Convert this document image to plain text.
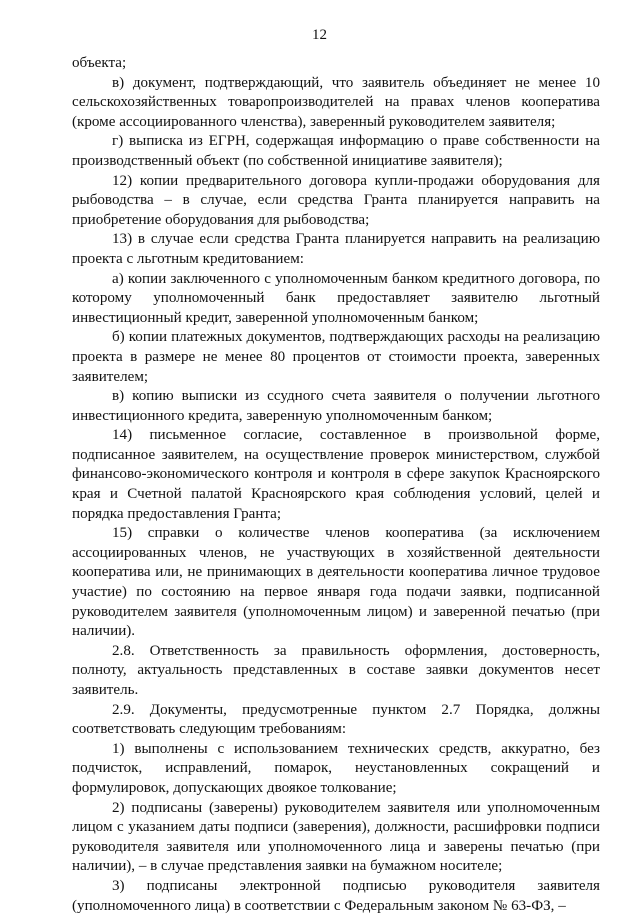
12

объекта;

в) документ, подтверждающий, что заявитель объединяет не менее 10 сельскохозяйственных товаропроизводителей на правах членов кооператива (кроме ассоциированного членства), заверенный руководителем заявителя;

г) выписка из ЕГРН, содержащая информацию о праве собственности на производственный объект (по собственной инициативе заявителя);

12) копии предварительного договора купли-продажи оборудования для рыбоводства – в случае, если средства Гранта планируется направить на приобретение оборудования для рыбоводства;

13) в случае если средства Гранта планируется направить на реализацию проекта с льготным кредитованием:

а) копии заключенного с уполномоченным банком кредитного договора, по которому уполномоченный банк предоставляет заявителю льготный инвестиционный кредит, заверенной уполномоченным банком;

б) копии платежных документов, подтверждающих расходы на реализацию проекта в размере не менее 80 процентов от стоимости проекта, заверенных заявителем;

в) копию выписки из ссудного счета заявителя о получении льготного инвестиционного кредита, заверенную уполномоченным банком;

14) письменное согласие, составленное в произвольной форме, подписанное заявителем, на осуществление проверок министерством, службой финансово-экономического контроля и контроля в сфере закупок Красноярского края и Счетной палатой Красноярского края соблюдения условий, целей и порядка предоставления Гранта;

15) справки о количестве членов кооператива (за исключением ассоциированных членов, не участвующих в хозяйственной деятельности кооператива или, не принимающих в деятельности кооператива личное трудовое участие) по состоянию на первое января года подачи заявки, подписанной руководителем заявителя (уполномоченным лицом) и заверенной печатью (при наличии).

2.8. Ответственность за правильность оформления, достоверность, полноту, актуальность представленных в составе заявки документов несет заявитель.

2.9. Документы, предусмотренные пунктом 2.7 Порядка, должны соответствовать следующим требованиям:

1) выполнены с использованием технических средств, аккуратно, без подчисток, исправлений, помарок, неустановленных сокращений и формулировок, допускающих двоякое толкование;

2) подписаны (заверены) руководителем заявителя или уполномоченным лицом с указанием даты подписи (заверения), должности, расшифровки подписи руководителя заявителя или уполномоченного лица и заверены печатью (при наличии), – в случае представления заявки на бумажном носителе;

3) подписаны электронной подписью руководителя заявителя (уполномоченного лица) в соответствии с Федеральным законом № 63-ФЗ, –
